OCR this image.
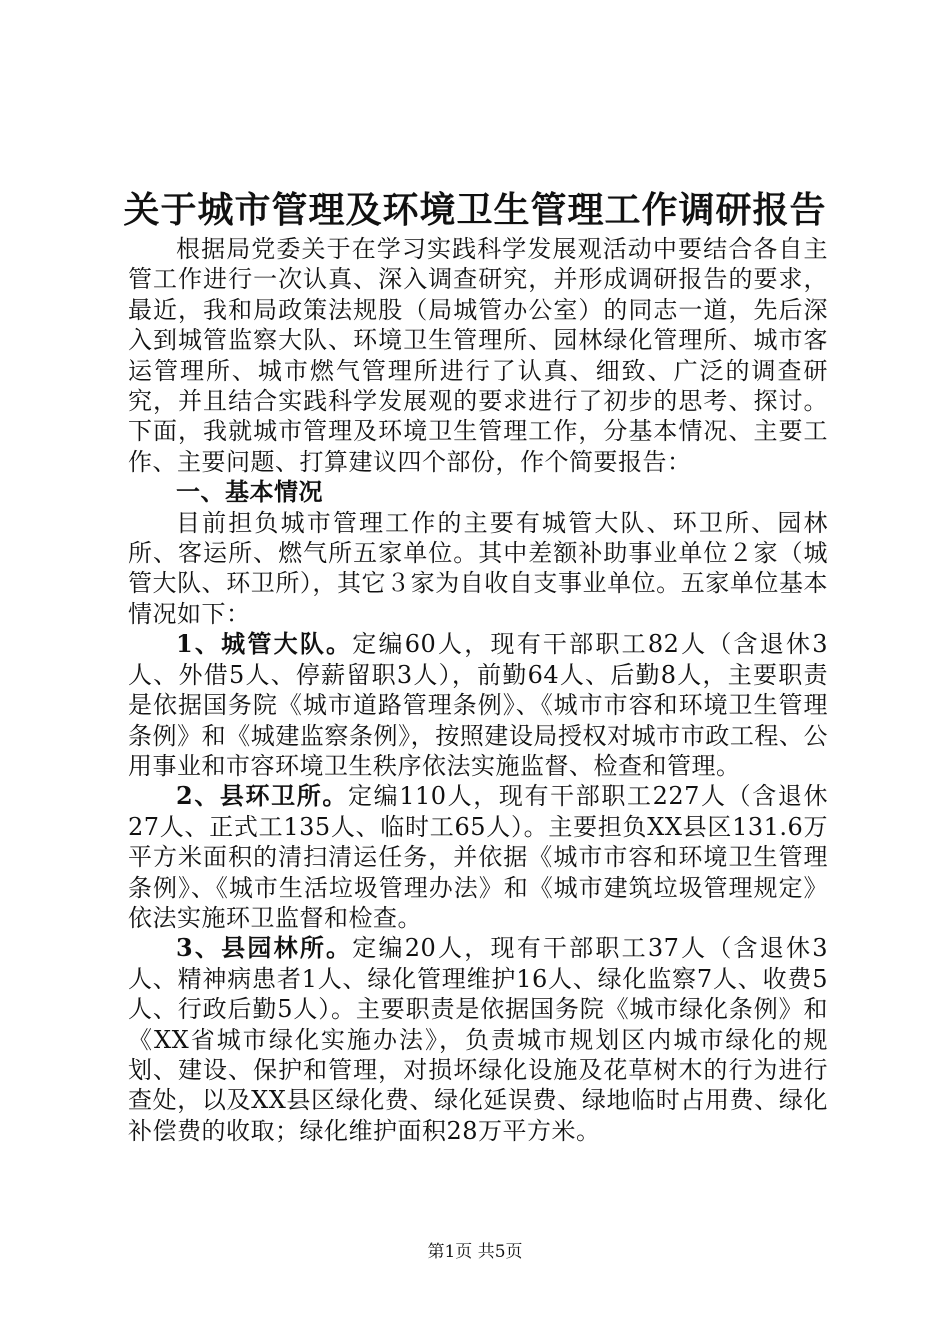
关于城市管理及环境卫生管理工作调研报告

根据局党委关于在学习实践科学发展观活动中要结合各自主管工作进行一次认真、深入调查研究，并形成调研报告的要求，最近，我和局政策法规股（局城管办公室）的同志一道，先后深入到城管监察大队、环境卫生管理所、园林绿化管理所、城市客运管理所、城市燃气管理所进行了认真、细致、广泛的调查研究，并且结合实践科学发展观的要求进行了初步的思考、探讨。下面，我就城市管理及环境卫生管理工作，分基本情况、主要工作、主要问题、打算建议四个部份，作个简要报告：

一、基本情况

目前担负城市管理工作的主要有城管大队、环卫所、园林所、客运所、燃气所五家单位。其中差额补助事业单位２家（城管大队、环卫所），其它３家为自收自支事业单位。五家单位基本情况如下：

1、城管大队。定编60人，现有干部职工82人（含退休3人、外借5人、停薪留职3人），前勤64人、后勤8人，主要职责是依据国务院《城市道路管理条例》、《城市市容和环境卫生管理条例》和《城建监察条例》，按照建设局授权对城市市政工程、公用事业和市容环境卫生秩序依法实施监督、检查和管理。

2、县环卫所。定编110人，现有干部职工227人（含退休27人、正式工135人、临时工65人）。主要担负XX县区131.6万平方米面积的清扫清运任务，并依据《城市市容和环境卫生管理条例》、《城市生活垃圾管理办法》和《城市建筑垃圾管理规定》依法实施环卫监督和检查。

3、县园林所。定编20人，现有干部职工37人（含退休3人、精神病患者1人、绿化管理维护16人、绿化监察7人、收费5人、行政后勤5人）。主要职责是依据国务院《城市绿化条例》和《XX省城市绿化实施办法》，负责城市规划区内城市绿化的规划、建设、保护和管理，对损坏绿化设施及花草树木的行为进行查处，以及XX县区绿化费、绿化延误费、绿地临时占用费、绿化补偿费的收取；绿化维护面积28万平方米。

第1页 共5页
